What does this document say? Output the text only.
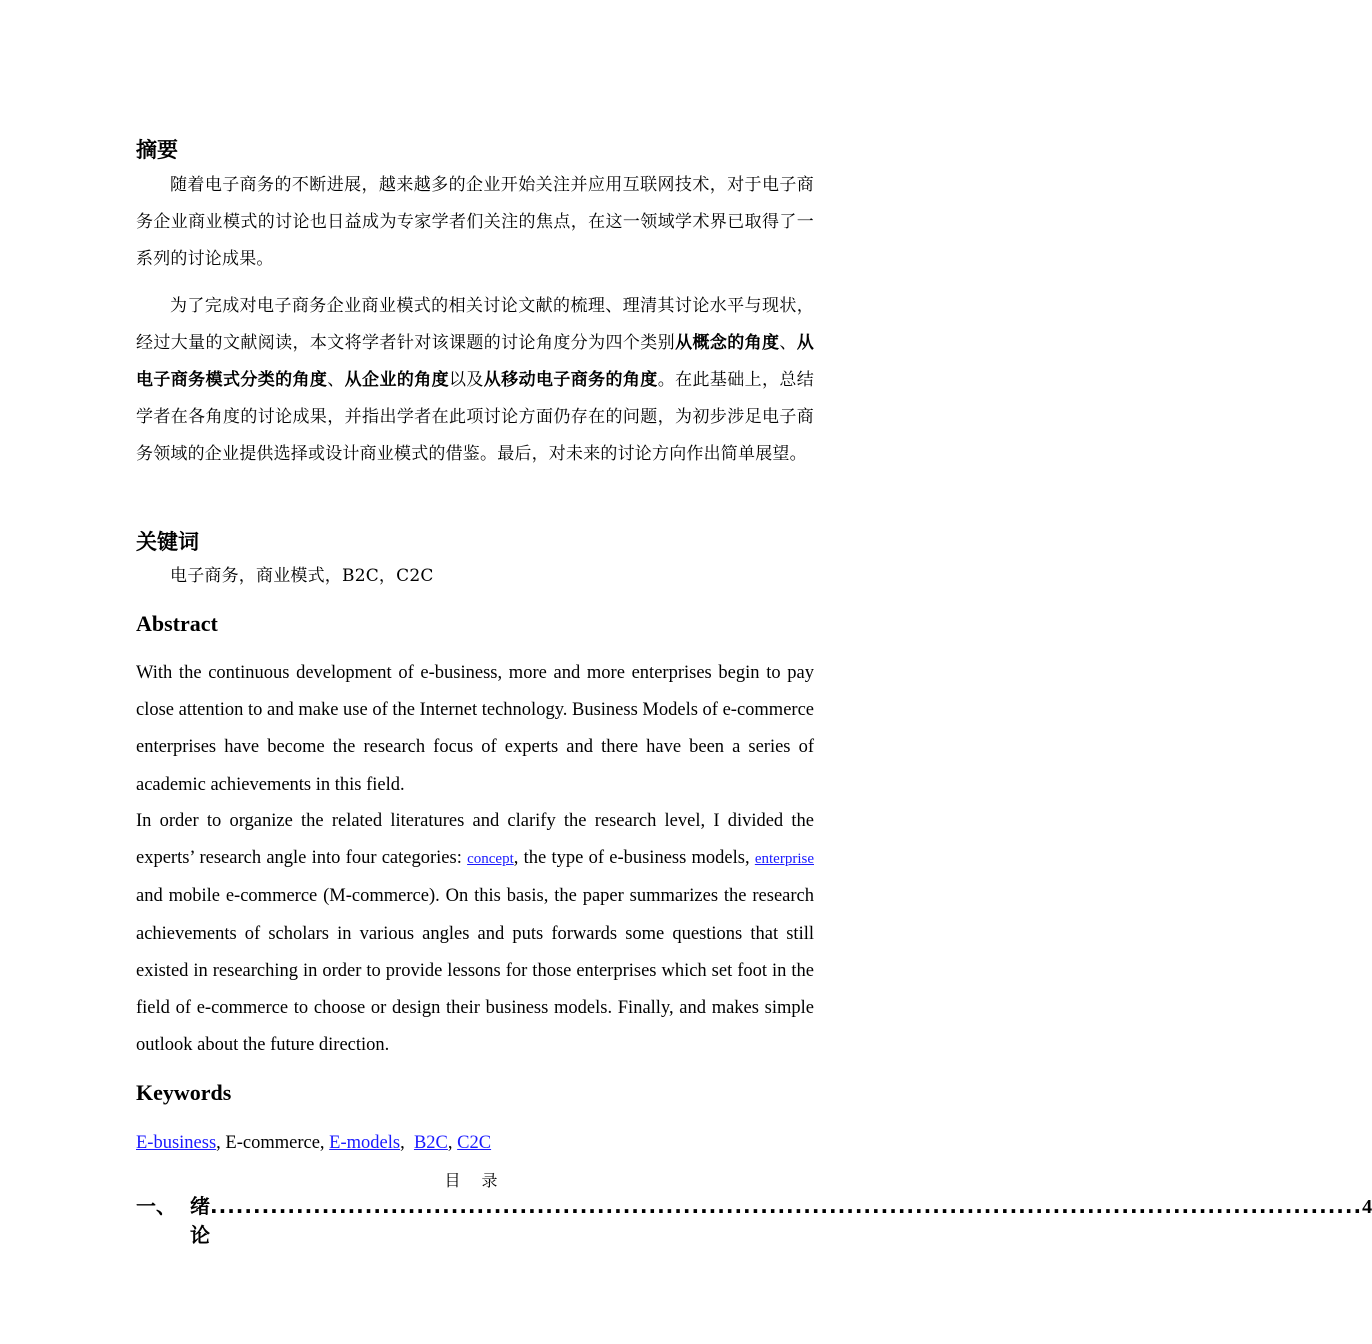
摘要

随着电子商务的不断进展，越来越多的企业开始关注并应用互联网技术，对于电子商务企业商业模式的讨论也日益成为专家学者们关注的焦点，在这一领域学术界已取得了一系列的讨论成果。

为了完成对电子商务企业商业模式的相关讨论文献的梳理、理清其讨论水平与现状，经过大量的文献阅读，本文将学者针对该课题的讨论角度分为四个类别从概念的角度、从电子商务模式分类的角度、从企业的角度以及从移动电子商务的角度。在此基础上，总结学者在各角度的讨论成果，并指出学者在此项讨论方面仍存在的问题，为初步涉足电子商务领域的企业提供选择或设计商业模式的借鉴。最后，对未来的讨论方向作出简单展望。

关键词

电子商务，商业模式，B2C，C2C

Abstract

With the continuous development of e-business, more and more enterprises begin to pay close attention to and make use of the Internet technology. Business Models of e-commerce enterprises have become the research focus of experts and there have been a series of academic achievements in this field.

In order to organize the related literatures and clarify the research level, I divided the experts’ research angle into four categories: concept, the type of e-business models, enterprise and mobile e-commerce (M-commerce). On this basis, the paper summarizes the research achievements of scholars in various angles and puts forwards some questions that still existed in researching in order to provide lessons for those enterprises which set foot in the field of e-commerce to choose or design their business models. Finally, and makes simple outlook about the future direction.

Keywords

E-business, E-commerce, E-models,  B2C, C2C

目 录
一、 绪论
...................................................................................................................................... 4
